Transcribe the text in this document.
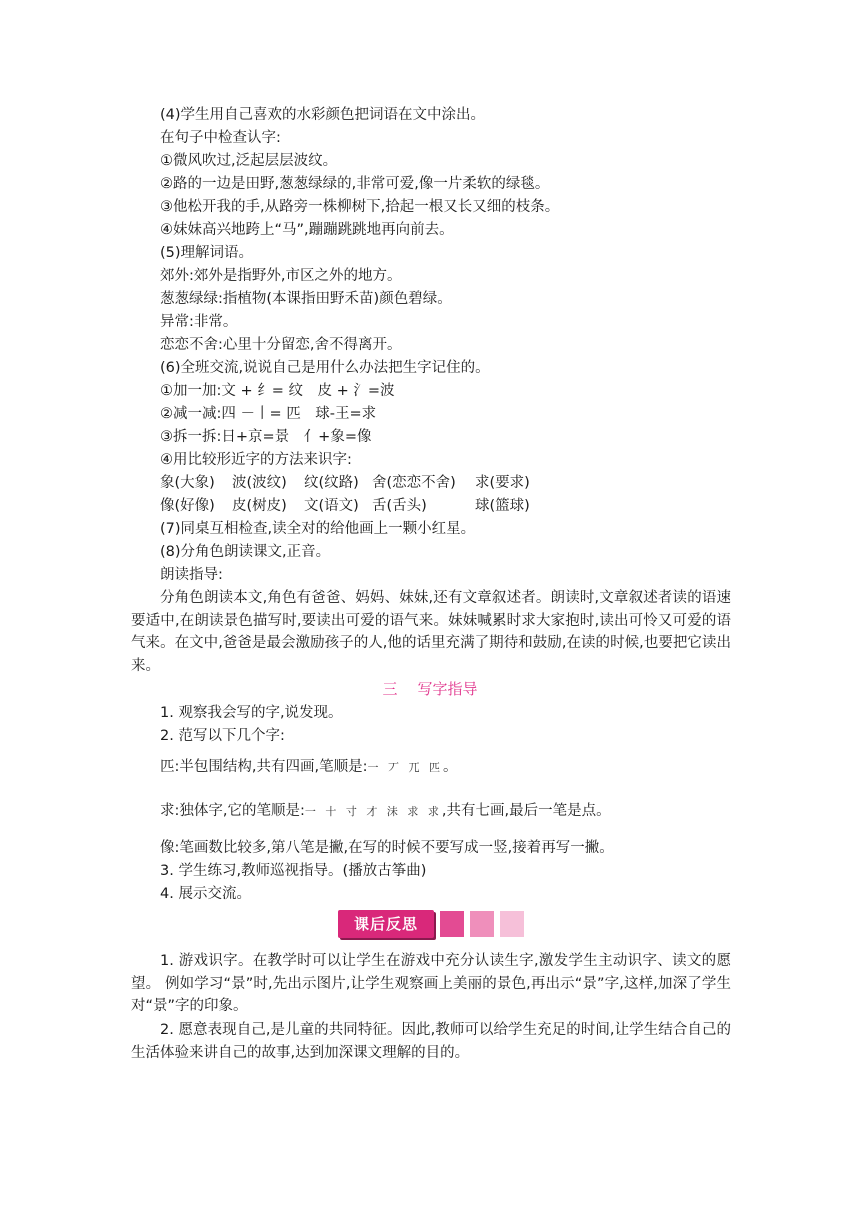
(4)学生用自己喜欢的水彩颜色把词语在文中涂出。
在句子中检查认字:
①微风吹过,泛起层层波纹。
②路的一边是田野,葱葱绿绿的,非常可爱,像一片柔软的绿毯。
③他松开我的手,从路旁一株柳树下,拾起一根又长又细的枝条。
④妹妹高兴地跨上“马”,蹦蹦跳跳地再向前去。
(5)理解词语。
郊外:郊外是指野外,市区之外的地方。
葱葱绿绿:指植物(本课指田野禾苗)颜色碧绿。
异常:非常。
恋恋不舍:心里十分留恋,舍不得离开。
(6)全班交流,说说自己是用什么办法把生字记住的。
①加一加:文 + 纟= 纹　皮 + 氵=波
②减一减:四 －丨= 匹　球-王=求
③拆一拆:日+京=景　亻+象=像
④用比较形近字的方法来识字:
象(大象) 波(波纹) 纹(纹路) 舍(恋恋不舍) 求(要求)
像(好像) 皮(树皮) 文(语文) 舌(舌头)	球(篮球)
(7)同桌互相检查,读全对的给他画上一颗小红星。
(8)分角色朗读课文,正音。
朗读指导:
分角色朗读本文,角色有爸爸、妈妈、妹妹,还有文章叙述者。朗读时,文章叙述者读的语速要适中,在朗读景色描写时,要读出可爱的语气来。妹妹喊累时求大家抱时,读出可怜又可爱的语气来。在文中,爸爸是最会激励孩子的人,他的话里充满了期待和鼓励,在读的时候,也要把它读出来。
三 写字指导
1. 观察我会写的字,说发现。
2. 范写以下几个字:
匹:半包围结构,共有四画,笔顺是:一 丆 兀 匹。
求:独体字,它的笔顺是:一 十 寸 才 沬 求 求,共有七画,最后一笔是点。
像:笔画数比较多,第八笔是撇,在写的时候不要写成一竖,接着再写一撇。
3. 学生练习,教师巡视指导。(播放古筝曲)
4. 展示交流。
课后反思
1. 游戏识字。在教学时可以让学生在游戏中充分认读生字,激发学生主动识字、读文的愿望。 例如学习“景”时,先出示图片,让学生观察画上美丽的景色,再出示“景”字,这样,加深了学生对“景”字的印象。
2. 愿意表现自己,是儿童的共同特征。因此,教师可以给学生充足的时间,让学生结合自己的生活体验来讲自己的故事,达到加深课文理解的目的。
